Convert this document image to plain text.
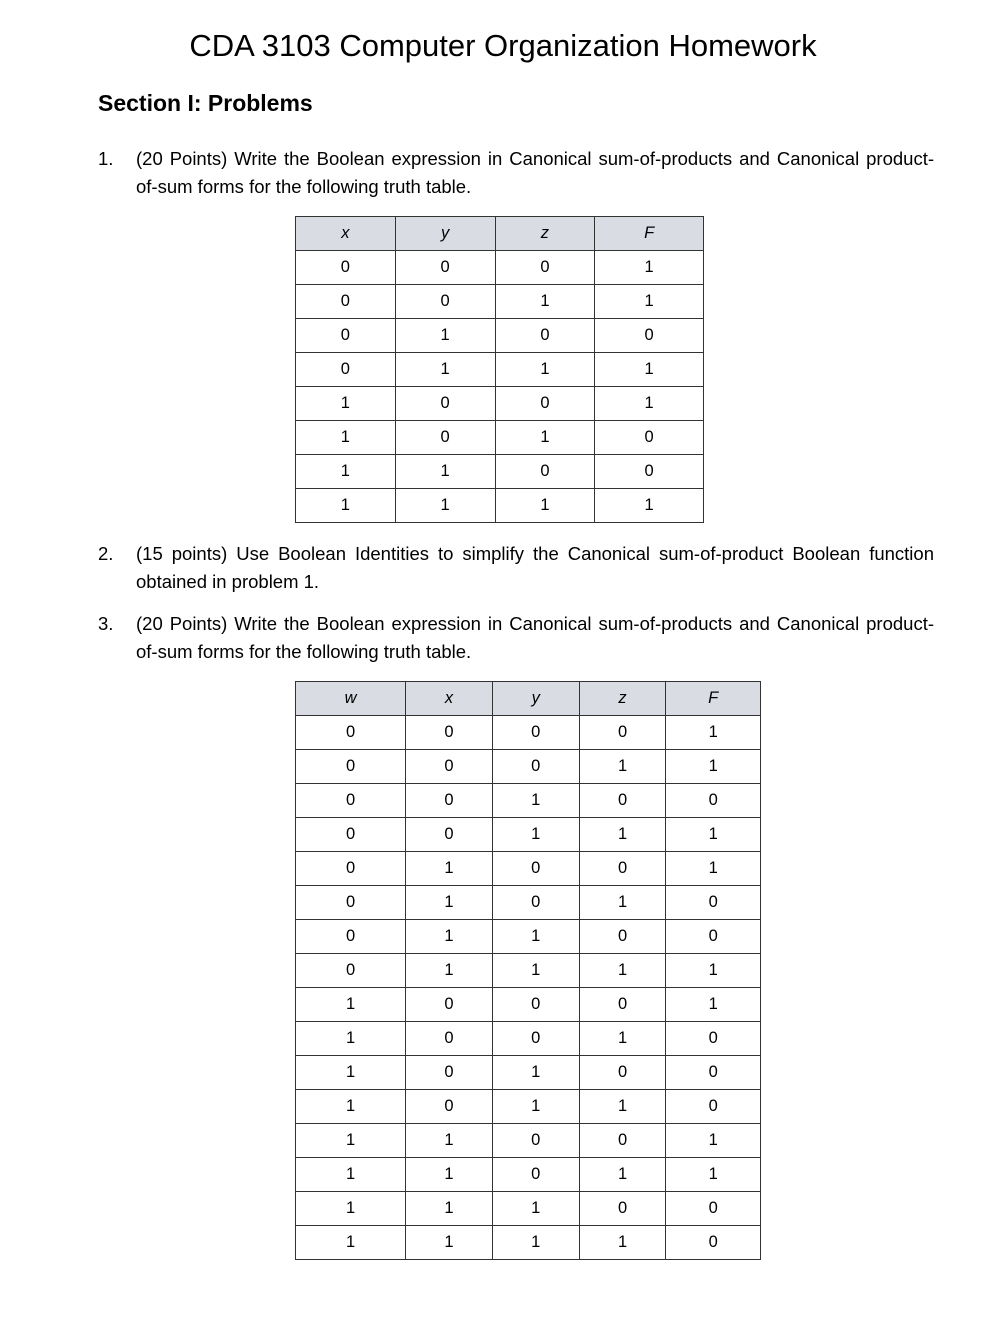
CDA 3103 Computer Organization Homework
Section I: Problems
1. (20 Points) Write the Boolean expression in Canonical sum-of-products and Canonical product-of-sum forms for the following truth table.
x	y	z	F
0	0	0	1
0	0	1	1
0	1	0	0
0	1	1	1
1	0	0	1
1	0	1	0
1	1	0	0
1	1	1	1
2. (15 points) Use Boolean Identities to simplify the Canonical sum-of-product Boolean function obtained in problem 1.
3. (20 Points) Write the Boolean expression in Canonical sum-of-products and Canonical product-of-sum forms for the following truth table.
w	x	y	z	F
0	0	0	0	1
0	0	0	1	1
0	0	1	0	0
0	0	1	1	1
0	1	0	0	1
0	1	0	1	0
0	1	1	0	0
0	1	1	1	1
1	0	0	0	1
1	0	0	1	0
1	0	1	0	0
1	0	1	1	0
1	1	0	0	1
1	1	0	1	1
1	1	1	0	0
1	1	1	1	0
